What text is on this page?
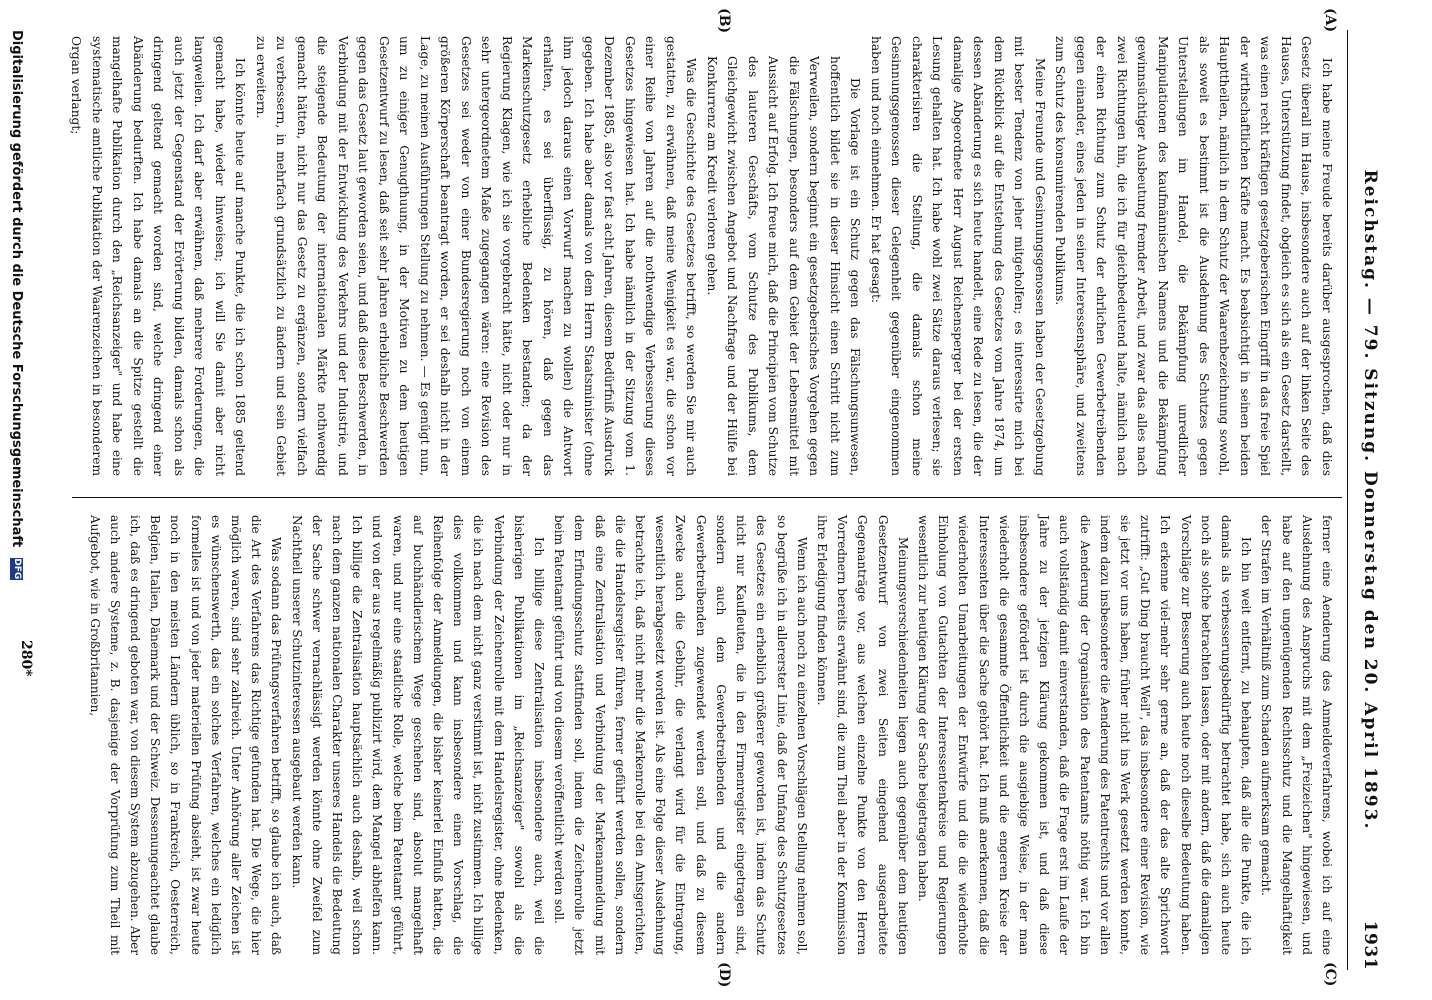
Reichstag. — 79. Sitzung. Donnerstag den 20. April 1893.
1931
(A)
(B)
(C)
(D)

Ich habe meine Freude bereits darüber ausgesprochen, daß dies Gesetz überall im Hause, insbesondere auch auf der linken Seite des Hauses, Unterstützung findet, obgleich es sich als ein Gesetz darstellt, was einen recht kräftigen gesetzgeberischen Eingriff in das freie Spiel der wirthschaftlichen Kräfte macht. Es beabsichtigt in seinen beiden Haupttheilen, nämlich in dem Schutz der Waarenbezeichnung sowohl, als soweit es bestimmt ist die Ausdehnung des Schutzes gegen Unterstellungen im Handel, die Bekämpfung unredlicher Manipulationen des kaufmännischen Namens und die Bekämpfung gewinnsüchtiger Ausbeutung fremder Arbeit, und zwar das alles nach zwei Richtungen hin, die ich für gleichbedeutend halte, nämlich nach der einen Richtung zum Schutz der ehrlichen Gewerbetreibenden gegen einander, eines jeden in seiner Interessensphäre, und zweitens zum Schutz des konsumirenden Publikums.

Meine Freunde und Gesinnungsgenossen haben der Gesetzgebung mit bester Tendenz von jeher mitgeholfen; es interessirte mich bei dem Rückblick auf die Entstehung des Gesetzes vom Jahre 1874, um dessen Abänderung es sich heute handelt, eine Rede zu lesen, die der damalige Abgeordnete Herr August Reichensperger bei der ersten Lesung gehalten hat. Ich habe wohl zwei Sätze daraus verlesen; sie charakterisiren die Stellung, die damals schon meine Gesinnungsgenossen dieser Gelegenheit gegenüber eingenommen haben und noch einnehmen. Er hat gesagt:

Die Vorlage ist ein Schutz gegen das Fälschungsunwesen, hoffentlich bildet sie in dieser Hinsicht einen Schritt nicht zum Verweilen, sondern beginnt ein gesetzgeberisches Vorgehen gegen die Fälschungen, besonders auf dem Gebiet der Lebensmittel mit Aussicht auf Erfolg. Ich freue mich, daß die Principien vom Schutze des lauteren Geschäfts, vom Schutze des Publikums, dem Gleichgewicht zwischen Angebot und Nachfrage und der Hülfe bei Konkurrenz am Kredit verloren gehen.

Was die Geschichte des Gesetzes betrifft, so werden Sie mir auch gestatten, zu erwähnen, daß meine Wenigkeit es war, die schon vor einer Reihe von Jahren auf die nothwendige Verbesserung dieses Gesetzes hingewiesen hat. Ich habe nämlich in der Sitzung vom 1. Dezember 1885, also vor fast acht Jahren, diesem Bedürfniß Ausdruck gegeben. Ich habe aber damals von dem Herrn Staatsminister (ohne ihm jedoch daraus einen Vorwurf machen zu wollen) die Antwort erhalten, es sei überflüssig, zu hören, daß gegen das Markenschutzgesetz erhebliche Bedenken bestanden; da der Regierung Klagen, wie ich sie vorgebracht hätte, nicht oder nur in sehr untergeordnetem Maße zugegangen wären: eine Revision des Gesetzes sei weder von einer Bundesregierung noch von einem größeren Körperschaft beantragt worden, er sei deshalb nicht in der Lage, zu meinen Ausführungen Stellung zu nehmen. — Es genügt nun, um zu einiger Genugthuung, in der Motiven zu dem heutigen Gesetzentwurf zu lesen, daß seit sehr Jahren erhebliche Beschwerden gegen das Gesetz laut geworden seien, und daß diese Beschwerden, in Verbindung mit der Entwicklung des Verkehrs und der Industrie, und die steigende Bedeutung der internationalen Märkte nothwendig gemacht hätten, nicht nur das Gesetz zu ergänzen, sondern vielfach zu verbessern, in mehrfach grundsätzlich zu ändern und sein Gebiet zu erweitern.

Ich könnte heute auf manche Punkte, die ich schon 1885 geltend gemacht habe, wieder hinweisen; ich will Sie damit aber nicht langweilen. Ich darf aber erwähnen, daß mehrere Forderungen, die auch jetzt der Gegenstand der Erörterung bilden, damals schon als dringend geltend gemacht worden sind, welche dringend einer Abänderung bedurften. Ich habe damals an die Spitze gestellt die mangelhafte Publikation durch den „Reichsanzeiger" und habe eine systematische amtliche Publikation der Waarenzeichen in besonderem Organ verlangt;

ferner eine Aenderung des Anmeldeverfahrens, wobei ich auf eine Ausdehnung des Anspruchs mit dem „Freizeichen" hingewiesen, und habe auf den ungenügenden Rechtsschutz und die Mangelhaftigkeit der Strafen im Verhältniß zum Schaden aufmerksam gemacht.

Ich bin weit entfernt, zu behaupten, daß alle die Punkte, die ich damals als verbesserungsbedürftig betrachtet habe, sich auch heute noch als solche betrachten lassen, oder mit andern, daß die damaligen Vorschläge zur Besserung auch heute noch dieselbe Bedeutung haben. Ich erkenne viel-mehr sehr gerne an, daß der das alte Sprichwort zutrifft: „Gut Ding braucht Weil", das insbesondere einer Revision, wie sie jetzt vor uns haben, früher nicht ins Werk gesetzt werden konnte, indem dazu insbesondere die Aenderung des Patentrechts und vor allen die Aenderung der Organisation des Patentamts nöthig war. Ich bin auch vollständig damit einverstanden, daß die Frage erst im Laufe der Jahre zu der jetzigen Klärung gekommen ist, und daß diese insbesondere gefördert ist durch die ausgiebige Weise, in der man wiederholt die gesammte Öffentlichkeit und die engeren Kreise der Interessenten über die Sache gehört hat. Ich muß anerkennen, daß die wiederholten Umarbeitungen der Entwürfe und die die wiederholte Einholung von Gutachten der Interessentenkreise und Regierungen wesentlich zur heutigen Klärung der Sache beigetragen haben.

Meinungsverschiedenheiten liegen auch gegenüber dem heutigen Gesetzentwurf von zwei Seiten eingehend ausgearbeitete Gegenanträge vor, aus welchen einzelne Punkte von den Herren Vorrednern bereits erwähnt sind, die zum Theil aber in der Kommission ihre Erledigung finden können.

Wenn ich auch noch zu einzelnen Vorschlägen Stellung nehmen soll, so begrüße ich in allererster Linie, daß der Umfang des Schutzgesetzes des Gesetzes ein erheblich größerer geworden ist, indem das Schutz nicht nur Kaufleuten, die in den Firmenregister eingetragen sind, sondern auch dem Gewerbetreibenden und die andern Gewerbetreibenden zugewendet werden soll, und daß zu diesem Zwecke auch die Gebühr, die verlangt wird für die Eintragung, wesentlich herabgesetzt worden ist. Als eine Folge dieser Ausdehnung betrachte ich, daß nicht mehr die Markenrolle bei den Amtsgerichten, die die Handelsregister führen, ferner geführt werden sollen, sondern daß eine Zentralisation und Verbindung der Markenanmeldung mit dem Erfindungsschutz stattfinden soll, indem die Zeichenrolle jetzt beim Patentamt geführt und von diesem veröffentlicht werden soll.

Ich billige diese Zentralisation insbesondere auch, weil die bisherigen Publikationen im „Reichsanzeiger" sowohl als die Verbindung der Zeichenrolle mit dem Handelsregister, ohne Bedenken, die ich nach dem nicht ganz verstimmt ist, nicht zustimmen. Ich billige dies vollkommen und kann insbesondere einen Vorschlag, die Reihenfolge der Anmeldungen, die bisher keinerlei Einfluß hatten, die auf buchhändlerischem Wege geschehen sind, absolut mangelhaft waren, und nur eine staatliche Rolle, welche beim Patentamt geführt, und von der aus regelmäßig publizirt wird, dem Mangel abhelfen kann. Ich billige die Zentralisation hauptsächlich auch deshalb, weil schon nach dem ganzen nationalen Charakter unseres Handels die Bedeutung der Sache schwer vernachlässigt werden könnte ohne Zweifel zum Nachtheil unserer Schutzinteressen ausgebaut werden kann.

Was sodann das Prüfungsverfahren betrifft, so glaube ich auch, daß die Art des Verfahrens das Richtige gefunden hat. Die Wege, die hier möglich waren, sind sehr zahlreich. Unter Anhörung aller Zeichen ist es wünschenswerth, das ein solches Verfahren, welches ein lediglich formelles ist und von jeder materiellen Prüfung absieht, ist zwar heute noch in den meisten Ländern üblich, so in Frankreich, Oesterreich, Belgien, Italien, Dänemark und der Schweiz. Dessenungeachtet glaube ich, daß es dringend geboten war, von diesem System abzugehen. Aber auch andere Systeme, z. B. dasjenige der Vorprüfung zum Theil mit Aufgebot, wie in Großbritannien,

280*
Digitalisierung gefördert durch die Deutsche Forschungsgemeinschaft DFG
